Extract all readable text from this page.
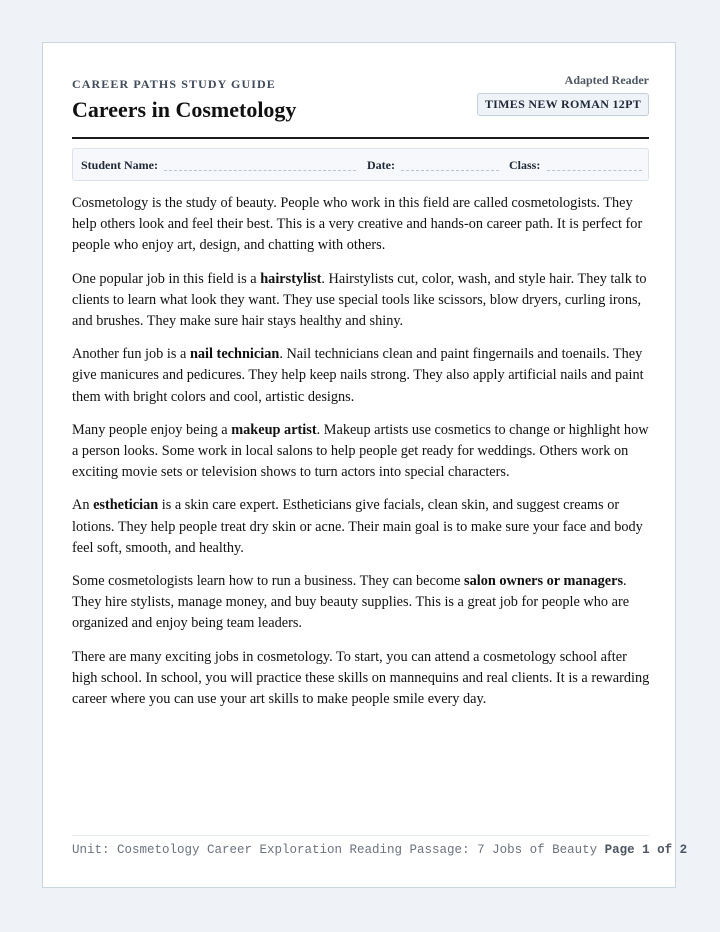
CAREER PATHS STUDY GUIDE
Careers in Cosmetology
Adapted Reader
TIMES NEW ROMAN 12PT
Student Name:	Date:	Class:

Cosmetology is the study of beauty. People who work in this field are called cosmetologists. They help others look and feel their best. This is a very creative and hands-on career path. It is perfect for people who enjoy art, design, and chatting with others.

One popular job in this field is a hairstylist. Hairstylists cut, color, wash, and style hair. They talk to clients to learn what look they want. They use special tools like scissors, blow dryers, curling irons, and brushes. They make sure hair stays healthy and shiny.

Another fun job is a nail technician. Nail technicians clean and paint fingernails and toenails. They give manicures and pedicures. They help keep nails strong. They also apply artificial nails and paint them with bright colors and cool, artistic designs.

Many people enjoy being a makeup artist. Makeup artists use cosmetics to change or highlight how a person looks. Some work in local salons to help people get ready for weddings. Others work on exciting movie sets or television shows to turn actors into special characters.

An esthetician is a skin care expert. Estheticians give facials, clean skin, and suggest creams or lotions. They help people treat dry skin or acne. Their main goal is to make sure your face and body feel soft, smooth, and healthy.

Some cosmetologists learn how to run a business. They can become salon owners or managers. They hire stylists, manage money, and buy beauty supplies. This is a great job for people who are organized and enjoy being team leaders.

There are many exciting jobs in cosmetology. To start, you can attend a cosmetology school after high school. In school, you will practice these skills on mannequins and real clients. It is a rewarding career where you can use your art skills to make people smile every day.

Unit: Cosmetology Career Exploration Reading Passage: 7 Jobs of Beauty Page 1 of 2
